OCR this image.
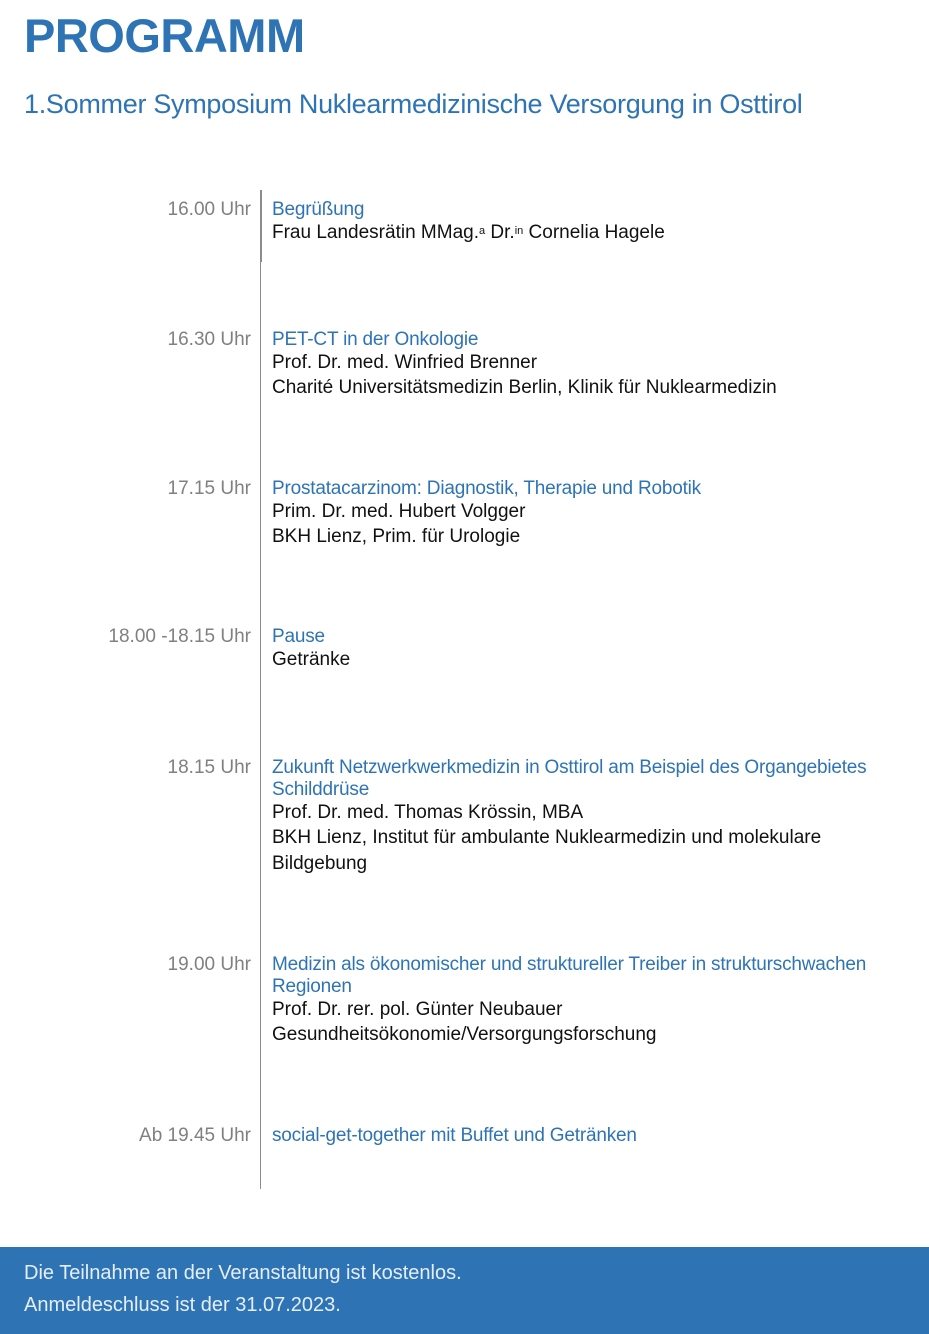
PROGRAMM
1.Sommer Symposium Nuklearmedizinische Versorgung in Osttirol
16.00 Uhr Begrüßung
Frau Landesrätin MMag.$^a$ Dr.$^{in}$ Cornelia Hagele
16.30 Uhr PET-CT in der Onkologie
Prof. Dr. med. Winfried Brenner
Charité Universitätsmedizin Berlin, Klinik für Nuklearmedizin
17.15 Uhr Prostatacarzinom: Diagnostik, Therapie und Robotik
Prim. Dr. med. Hubert Volgger
BKH Lienz, Prim. für Urologie
18.00 -18.15 Uhr Pause
Getränke
18.15 Uhr Zukunft Netzwerkwerkmedizin in Osttirol am Beispiel des Organgebietes Schilddrüse
Prof. Dr. med. Thomas Krössin, MBA
BKH Lienz, Institut für ambulante Nuklearmedizin und molekulare Bildgebung
19.00 Uhr Medizin als ökonomischer und struktureller Treiber in strukturschwachen Regionen
Prof. Dr. rer. pol. Günter Neubauer
Gesundheitsökonomie/Versorgungsforschung
Ab 19.45 Uhr social-get-together mit Buffet und Getränken
Die Teilnahme an der Veranstaltung ist kostenlos.
Anmeldeschluss ist der 31.07.2023.
